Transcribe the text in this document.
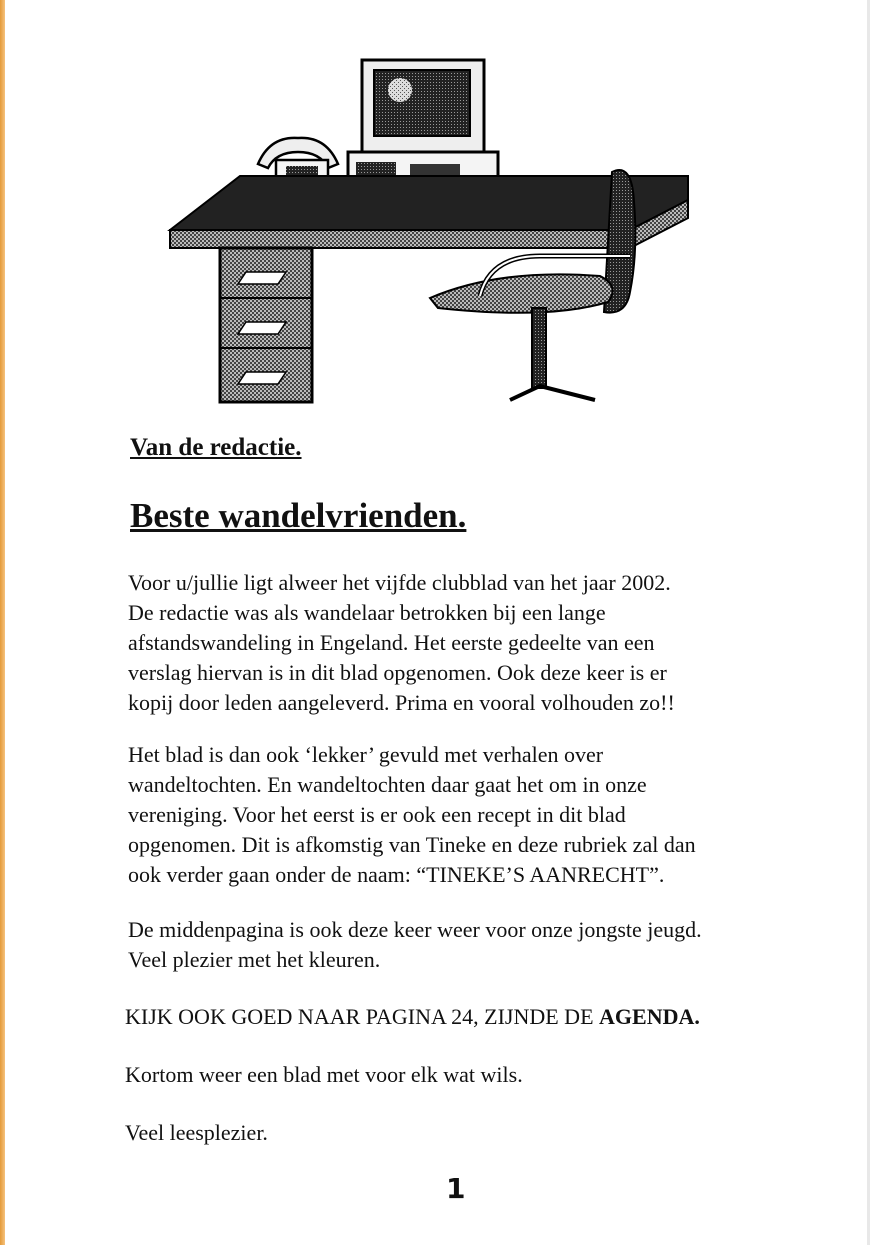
Van de redactie.
Beste wandelvrienden.

Voor u/jullie ligt alweer het vijfde clubblad van het jaar 2002.
De redactie was als wandelaar betrokken bij een lange
afstandswandeling in Engeland. Het eerste gedeelte van een
verslag hiervan is in dit blad opgenomen. Ook deze keer is er
kopij door leden aangeleverd. Prima en vooral volhouden zo!!

Het blad is dan ook ‘lekker’ gevuld met verhalen over
wandeltochten. En wandeltochten daar gaat het om in onze
vereniging. Voor het eerst is er ook een recept in dit blad
opgenomen. Dit is afkomstig van Tineke en deze rubriek zal dan
ook verder gaan onder de naam: “TINEKE’S AANRECHT”.

De middenpagina is ook deze keer weer voor onze jongste jeugd.
Veel plezier met het kleuren.

KIJK OOK GOED NAAR PAGINA 24, ZIJNDE DE AGENDA.

Kortom weer een blad met voor elk wat wils.

Veel leesplezier.

1
